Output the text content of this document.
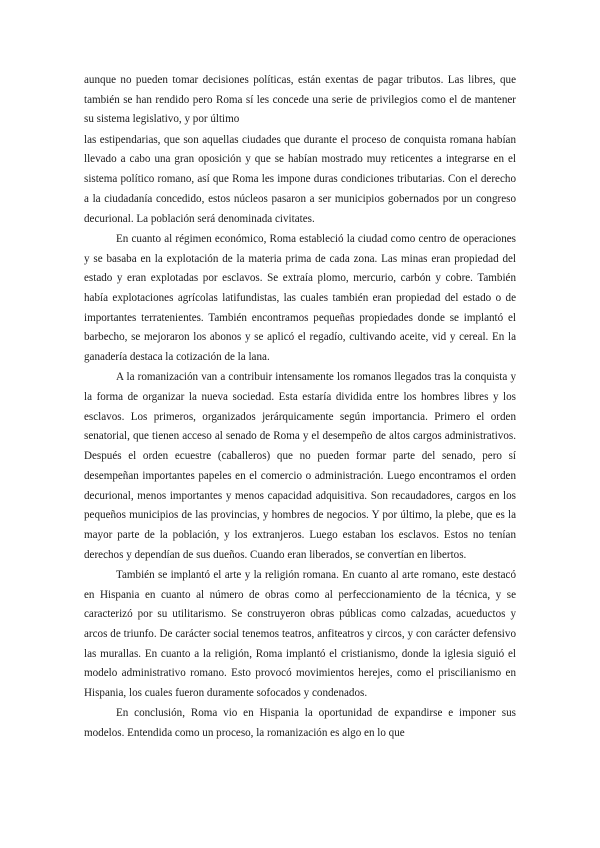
aunque no pueden tomar decisiones políticas, están exentas de pagar tributos. Las libres, que también se han rendido pero Roma sí les concede una serie de privilegios como el de mantener su sistema legislativo, y por último

las estipendarias, que son aquellas ciudades que durante el proceso de conquista romana habían llevado a cabo una gran oposición y que se habían mostrado muy reticentes a integrarse en el sistema político romano, así que Roma les impone duras condiciones tributarias. Con el derecho a la ciudadanía concedido, estos núcleos pasaron a ser municipios gobernados por un congreso decurional. La población será denominada civitates.

En cuanto al régimen económico, Roma estableció la ciudad como centro de operaciones y se basaba en la explotación de la materia prima de cada zona. Las minas eran propiedad del estado y eran explotadas por esclavos. Se extraía plomo, mercurio, carbón y cobre. También había explotaciones agrícolas latifundistas, las cuales también eran propiedad del estado o de importantes terratenientes. También encontramos pequeñas propiedades donde se implantó el barbecho, se mejoraron los abonos y se aplicó el regadío, cultivando aceite, vid y cereal. En la ganadería destaca la cotización de la lana.

A la romanización van a contribuir intensamente los romanos llegados tras la conquista y la forma de organizar la nueva sociedad. Esta estaría dividida entre los hombres libres y los esclavos. Los primeros, organizados jerárquicamente según importancia. Primero el orden senatorial, que tienen acceso al senado de Roma y el desempeño de altos cargos administrativos. Después el orden ecuestre (caballeros) que no pueden formar parte del senado, pero sí desempeñan importantes papeles en el comercio o administración. Luego encontramos el orden decurional, menos importantes y menos capacidad adquisitiva. Son recaudadores, cargos en los pequeños municipios de las provincias, y hombres de negocios. Y por último, la plebe, que es la mayor parte de la población, y los extranjeros. Luego estaban los esclavos. Estos no tenían derechos y dependían de sus dueños. Cuando eran liberados, se convertían en libertos.

También se implantó el arte y la religión romana. En cuanto al arte romano, este destacó en Hispania en cuanto al número de obras como al perfeccionamiento de la técnica, y se caracterizó por su utilitarismo. Se construyeron obras públicas como calzadas, acueductos y arcos de triunfo. De carácter social tenemos teatros, anfiteatros y circos, y con carácter defensivo las murallas. En cuanto a la religión, Roma implantó el cristianismo, donde la iglesia siguió el modelo administrativo romano. Esto provocó movimientos herejes, como el priscilianismo en Hispania, los cuales fueron duramente sofocados y condenados.

En conclusión, Roma vio en Hispania la oportunidad de expandirse e imponer sus modelos. Entendida como un proceso, la romanización es algo en lo que
